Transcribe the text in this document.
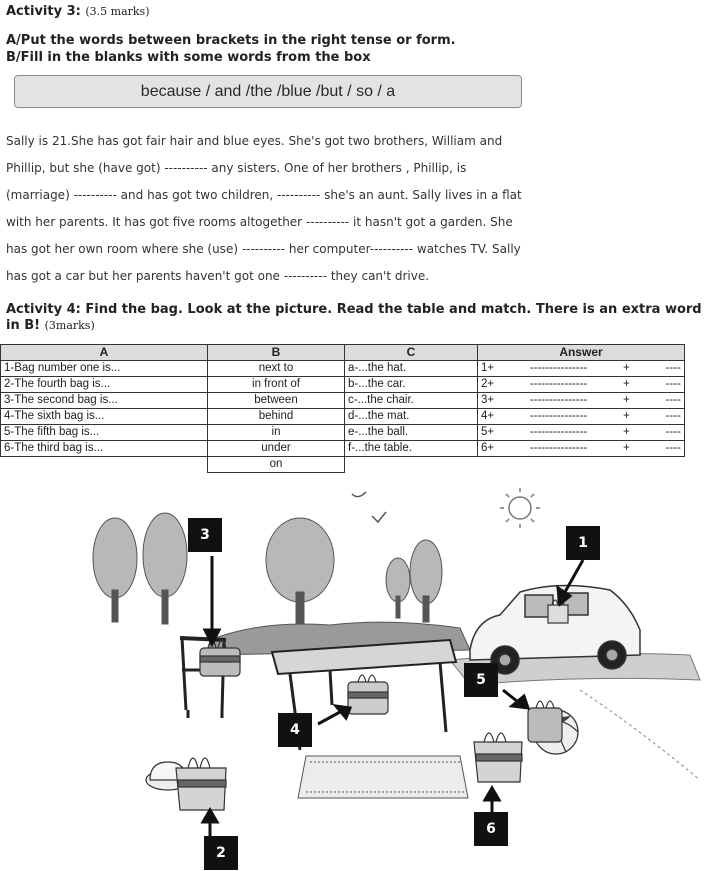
Activity 3: (3.5 marks)
A/Put the words between brackets in the right tense or form.
B/Fill in the blanks with some words from the box
because / and /the /blue /but / so / a
Sally is 21.She has got fair hair and blue eyes. She's got two brothers, William and
Phillip, but she (have got) ---------- any sisters. One of her brothers , Phillip, is
(marriage) ---------- and has got two children, ---------- she's an aunt. Sally lives in a flat
with her parents. It has got five rooms altogether ---------- it hasn't got a garden. She
has got her own room where she (use) ---------- her computer---------- watches TV. Sally
has got a car but her parents haven't got one ---------- they can't drive.
Activity 4: Find the bag. Look at the picture. Read the table and match. There is an extra word in B! (3marks)
A	B	C	Answer
1-Bag number one is...	next to	a-...the hat.	1+ --------------- + ----

2-The fourth bag is...	in front of	b-...the car.	2+ --------------- + ----

3-The second bag is...	between	c-...the chair.	3+ --------------- + ----

4-The sixth bag is...	behind	d-...the mat.	4+ --------------- + ----

5-The fifth bag is...	in	e-...the ball.	5+ --------------- + ----

6-The third bag is...	under	f-...the table.	6+ --------------- + ----

	on		
3	1
5
4
6
2
